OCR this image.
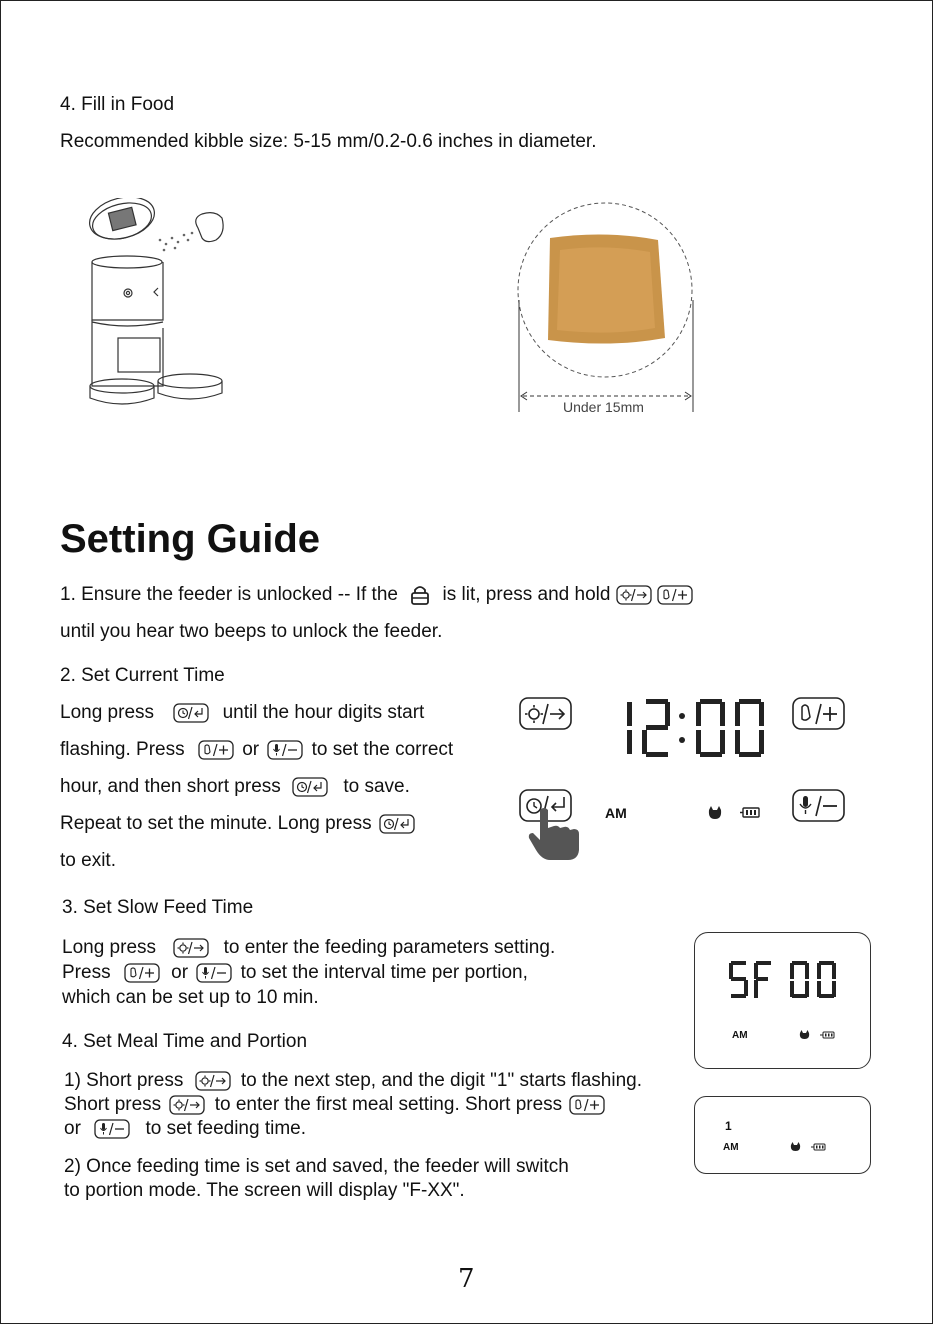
4. Fill in Food
Recommended kibble size: 5-15 mm/0.2-0.6 inches in diameter.
Under 15mm
Setting Guide
1. Ensure the feeder is unlocked -- If the is lit, press and hold
until you hear two beeps to unlock the feeder.
2. Set Current Time
Long press	until the hour digits start
flashing. Press	or	to set the correct
hour, and then short press	to save.
Repeat to set the minute. Long press
to exit.
AM
3. Set Slow Feed Time
Long press	to enter the feeding parameters setting.
Press	or	to set the interval time per portion,
which can be set up to 10 min.
AM
4. Set Meal Time and Portion
1) Short press	to the next step, and the digit "1" starts flashing.
Short press	to enter the first meal setting. Short press
or	to set feeding time.
2) Once feeding time is set and saved, the feeder will switch
to portion mode. The screen will display "F-XX".
1
AM
7
